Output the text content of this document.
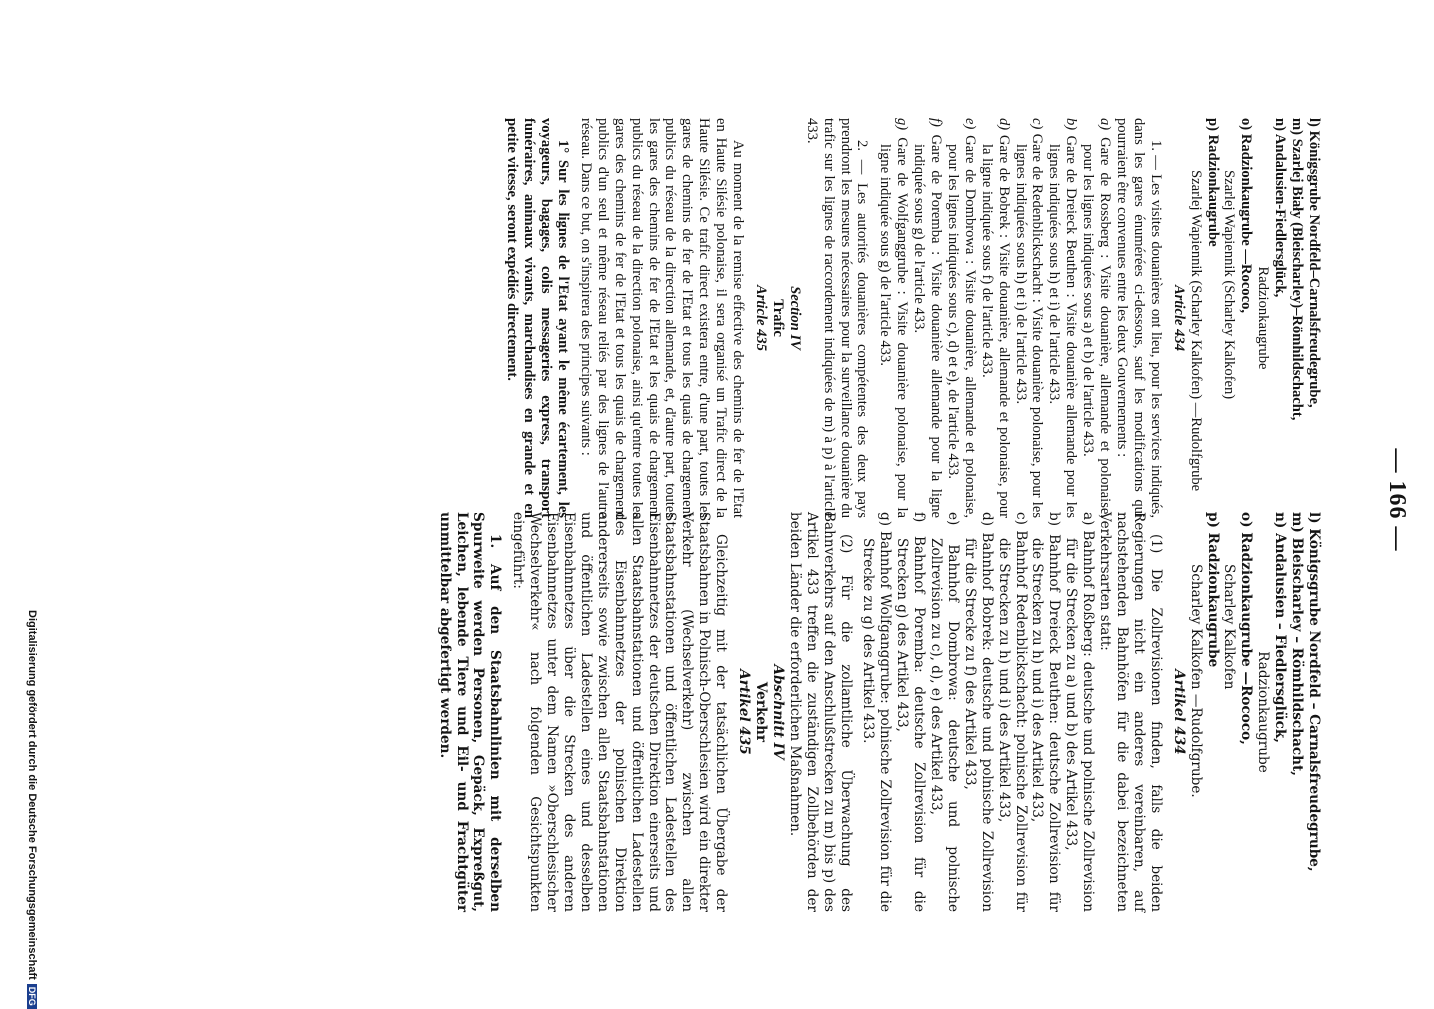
— 166 —

l) Königsgrube Nordfeld–Carnalsfreudegrube,

m) Szarlej Biały (Bleischarley)–Römhildschacht,

n) Andalusien-Fiedlersglück,

Radzionkaugrube

o) Radzionkaugrube —Rococo,

Szarlej Wapiennik (Scharley Kalkofen)

p) Radzionkaugrube

Szarlej Wapiennik (Scharley Kalkofen) —Rudolfgrube

Article 434

1. — Les visites douanières ont lieu, pour les services indiqués, dans les gares énumérées ci-dessous, sauf les modifications qui pourraient être convenues entre les deux Gouvernements :

a) Gare de Rossberg : Visite douanière, allemande et polonaise, pour les lignes indiquées sous a) et b) de l'article 433.

b) Gare de Dreieck Beuthen : Visite douanière allemande pour les lignes indiquées sous h) et i) de l'article 433.

c) Gare de Redenblickschacht : Visite douanière polonaise, pour les lignes indiquées sous h) et i) de l'article 433.

d) Gare de Bobrek : Visite douanière, allemande et polonaise, pour la ligne indiquée sous f) de l'article 433.

e) Gare de Dombrowa : Visite douanière, allemande et polonaise, pour les lignes indiquées sous c), d) et e), de l'article 433.

f) Gare de Poremba : Visite douanière allemande pour la ligne indiquée sous g) de l'article 433.

g) Gare de Wolfganggrube : Visite douanière polonaise, pour la ligne indiquée sous g) de l'article 433.

2. — Les autorités douanières compétentes des deux pays prendront les mesures nécessaires pour la surveillance douanière du trafic sur les lignes de raccordement indiquées de m) à p) à l'article 433.

Section IV

Trafic

Article 435

Au moment de la remise effective des chemins de fer de l'Etat en Haute Silésie polonaise, il sera organisé un Trafic direct de la Haute Silésie. Ce trafic direct existera entre, d'une part, toutes les gares de chemins de fer de l'Etat et tous les quais de chargement publics du réseau de la direction allemande, et, d'autre part, toutes les gares des chemins de fer de l'Etat et les quais de chargement publics du réseau de la direction polonaise, ainsi qu'entre toutes les gares des chemins de fer de l'Etat et tous les quais de chargement publics d'un seul et même réseau reliés par des lignes de l'autre réseau. Dans ce but, on s'inspirera des principes suivants :

1° Sur les lignes de l'Etat ayant le même écartement, les voyageurs, bagages, colis messageries express, transport funéraires, animaux vivants, marchandises en grande et en petite vitesse, seront expédiés directement.

l) Königsgrube Nordfeld – Carnalsfreudegrube,

m) Bleischarley – Römhildschacht,

n) Andalusien – Fiedlersglück,

Radzionkaugrube

o) Radzionkaugrube —Rococo,

Scharley Kalkofen

p) Radzionkaugrube

Scharley Kalkofen —Rudolfgrube.

Artikel 434

(1) Die Zollrevisionen finden, falls die beiden Regierungen nicht ein anderes vereinbaren, auf nachstehenden Bahnhöfen für die dabei bezeichneten Verkehrsarten statt:

a) Bahnhof Roßberg: deutsche und polnische Zollrevision für die Strecken zu a) und b) des Artikel 433,

b) Bahnhof Dreieck Beuthen: deutsche Zollrevision für die Strecken zu h) und i) des Artikel 433,

c) Bahnhof Redenblickschacht: polnische Zollrevision für die Strecken zu h) und i) des Artikel 433,

d) Bahnhof Bobrek: deutsche und polnische Zollrevision für die Strecke zu f) des Artikel 433,

e) Bahnhof Dombrowa: deutsche und polnische Zollrevision zu c), d), e) des Artikel 433,

f) Bahnhof Poremba: deutsche Zollrevision für die Strecken g) des Artikel 433,

g) Bahnhof Wolfganggrube: polnische Zollrevision für die Strecke zu g) des Artikel 433.

(2) Für die zollamtliche Überwachung des Bahnverkehrs auf den Anschlußstrecken zu m) bis p) des Artikel 433 treffen die zuständigen Zollbehörden der beiden Länder die erforderlichen Maßnahmen.

Abschnitt IV

Verkehr

Artikel 435

Gleichzeitig mit der tatsächlichen Übergabe der Staatsbahnen in Polnisch-Oberschlesien wird ein direkter Verkehr (Wechselverkehr) zwischen allen Staatsbahnstationen und öffentlichen Ladestellen des Eisenbahnnetzes der deutschen Direktion einerseits und allen Staatsbahnstationen und öffentlichen Ladestellen des Eisenbahnnetzes der polnischen Direktion andererseits sowie zwischen allen Staatsbahnstationen und öffentlichen Ladestellen eines und desselben Eisenbahnnetzes über die Strecken des anderen Eisenbahnnetzes unter dem Namen »Oberschlesischer Wechselverkehr« nach folgenden Gesichtspunkten eingeführt:

1. Auf den Staatsbahnlinien mit derselben Spurweite werden Personen, Gepäck, Expreßgut, Leichen, lebende Tiere und Eil- und Frachtgüter unmittelbar abgefertigt werden.

Digitalisierung gefördert durch die Deutsche ForschungsgemeinschaftDFG
